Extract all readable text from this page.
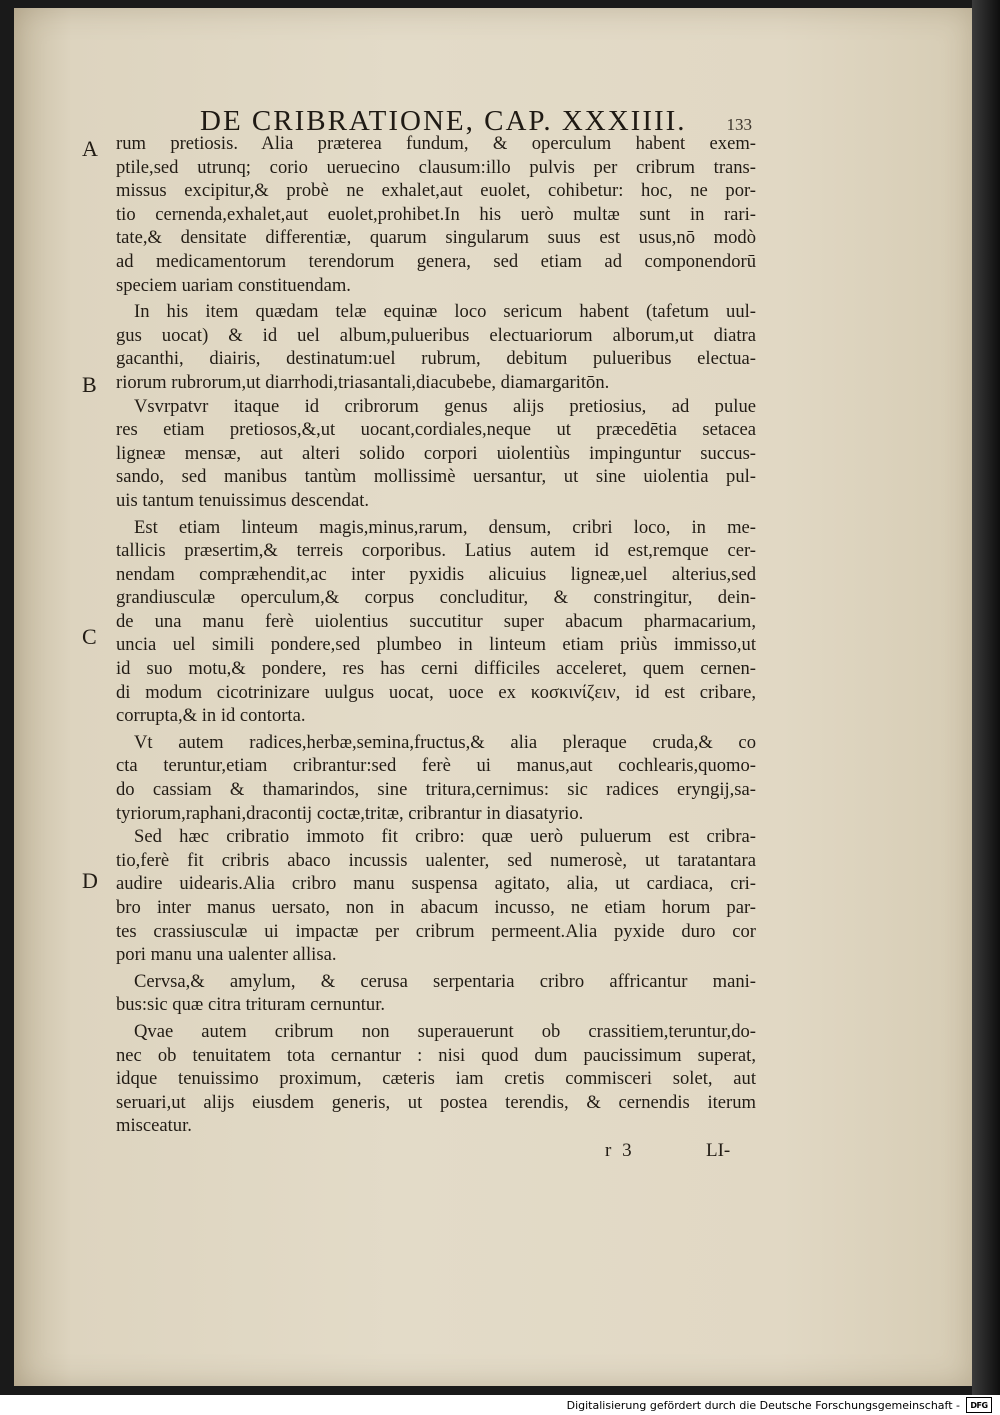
DE CRIBRATIONE, CAP. XXXIIII. 133
A
B
C
D
rum pretiosis. Alia præterea fundum, & operculum habent exem-
ptile,sed utrunq; corio ueruecino clausum:illo pulvis per cribrum trans-
missus excipitur,& probè ne exhalet,aut euolet, cohibetur: hoc, ne por-
tio cernenda,exhalet,aut euolet,prohibet.In his uerò multæ sunt in rari-
tate,& densitate differentiæ, quarum singularum suus est usus,nō modò
ad medicamentorum terendorum genera, sed etiam ad componendorū
speciem uariam constituendam.
In his item quædam telæ equinæ loco sericum habent (tafetum uul-
gus uocat) & id uel album,pulueribus electuariorum alborum,ut diatra
gacanthi, diairis, destinatum:uel rubrum, debitum pulueribus electua-
riorum rubrorum,ut diarrhodi,triasantali,diacubebe, diamargaritōn.
Vsvrpatvr itaque id cribrorum genus alijs pretiosius, ad pulue
res etiam pretiosos,&,ut uocant,cordiales,neque ut præcedētia setacea
ligneæ mensæ, aut alteri solido corpori uiolentiùs impinguntur succus-
sando, sed manibus tantùm mollissimè uersantur, ut sine uiolentia pul-
uis tantum tenuissimus descendat.
Est etiam linteum magis,minus,rarum, densum, cribri loco, in me-
tallicis præsertim,& terreis corporibus. Latius autem id est,remque cer-
nendam compræhendit,ac inter pyxidis alicuius ligneæ,uel alterius,sed
grandiusculæ operculum,& corpus concluditur, & constringitur, dein-
de una manu ferè uiolentius succutitur super abacum pharmacarium,
uncia uel simili pondere,sed plumbeo in linteum etiam priùs immisso,ut
id suo motu,& pondere, res has cerni difficiles acceleret, quem cernen-
di modum cicotrinizare uulgus uocat, uoce ex κοσκινίζειν, id est cribare,
corrupta,& in id contorta.
Vt autem radices,herbæ,semina,fructus,& alia pleraque cruda,& co
cta teruntur,etiam cribrantur:sed ferè ui manus,aut cochlearis,quomo-
do cassiam & thamarindos, sine tritura,cernimus: sic radices eryngij,sa-
tyriorum,raphani,dracontij coctæ,tritæ, cribrantur in diasatyrio.
Sed hæc cribratio immoto fit cribro: quæ uerò puluerum est cribra-
tio,ferè fit cribris abaco incussis ualenter, sed numerosè, ut taratantara
audire uidearis.Alia cribro manu suspensa agitato, alia, ut cardiaca, cri-
bro inter manus uersato, non in abacum incusso, ne etiam horum par-
tes crassiusculæ ui impactæ per cribrum permeent.Alia pyxide duro cor
pori manu una ualenter allisa.
Cervsa,& amylum, & cerusa serpentaria cribro affricantur mani-
bus:sic quæ citra trituram cernuntur.
Qvae autem cribrum non superauerunt ob crassitiem,teruntur,do-
nec ob tenuitatem tota cernantur : nisi quod dum paucissimum superat,
idque tenuissimo proximum, cæteris iam cretis commisceri solet, aut
seruari,ut alijs eiusdem generis, ut postea terendis, & cernendis iterum
misceatur.
r 3	LI-
Digitalisierung gefördert durch die Deutsche Forschungsgemeinschaft -	DFG
